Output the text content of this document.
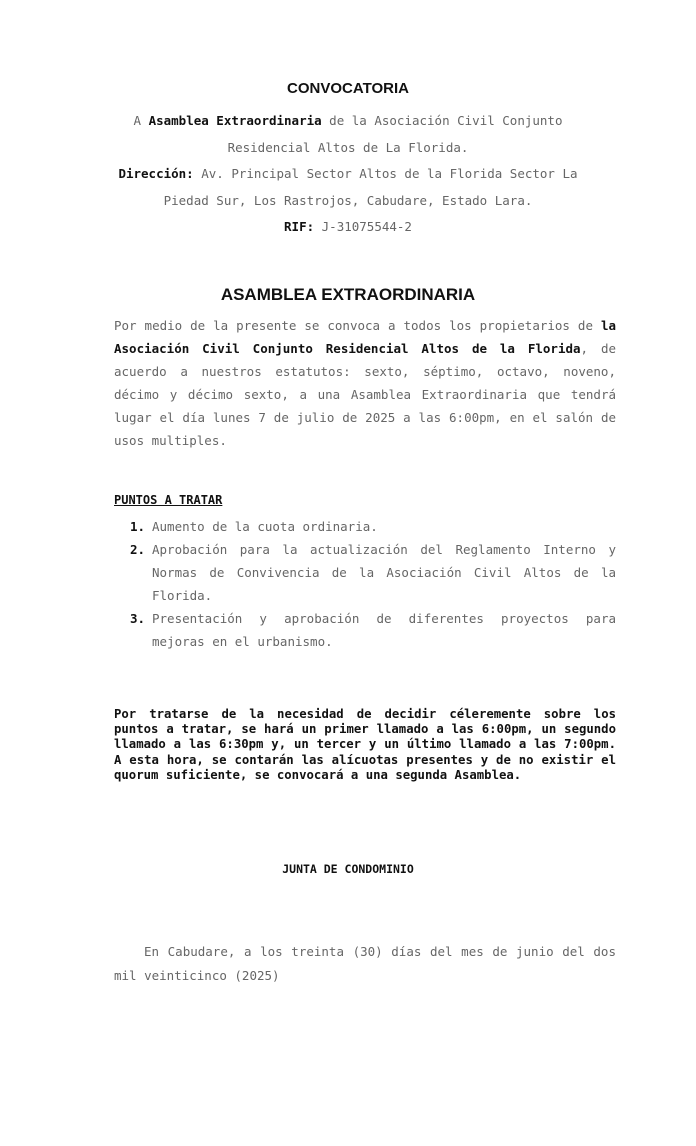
CONVOCATORIA
A Asamblea Extraordinaria de la Asociación Civil Conjunto
Residencial Altos de La Florida.
Dirección: Av. Principal Sector Altos de la Florida Sector La
Piedad Sur, Los Rastrojos, Cabudare, Estado Lara.
RIF: J-31075544-2
ASAMBLEA EXTRAORDINARIA
Por medio de la presente se convoca a todos los propietarios de la Asociación Civil Conjunto Residencial Altos de la Florida, de acuerdo a nuestros estatutos: sexto, séptimo, octavo, noveno, décimo y décimo sexto, a una Asamblea Extraordinaria que tendrá lugar el día lunes 7 de julio de 2025 a las 6:00pm, en el salón de usos multiples.
PUNTOS A TRATAR
1. Aumento de la cuota ordinaria.
2. Aprobación para la actualización del Reglamento Interno y Normas de Convivencia de la Asociación Civil Altos de la Florida.
3. Presentación y aprobación de diferentes proyectos para mejoras en el urbanismo.
Por tratarse de la necesidad de decidir céleremente sobre los puntos a tratar, se hará un primer llamado a las 6:00pm, un segundo llamado a las 6:30pm y, un tercer y un último llamado a las 7:00pm. A esta hora, se contarán las alícuotas presentes y de no existir el quorum suficiente, se convocará a una segunda Asamblea.
JUNTA DE CONDOMINIO
En Cabudare, a los treinta (30) días del mes de junio del dos mil veinticinco (2025)
